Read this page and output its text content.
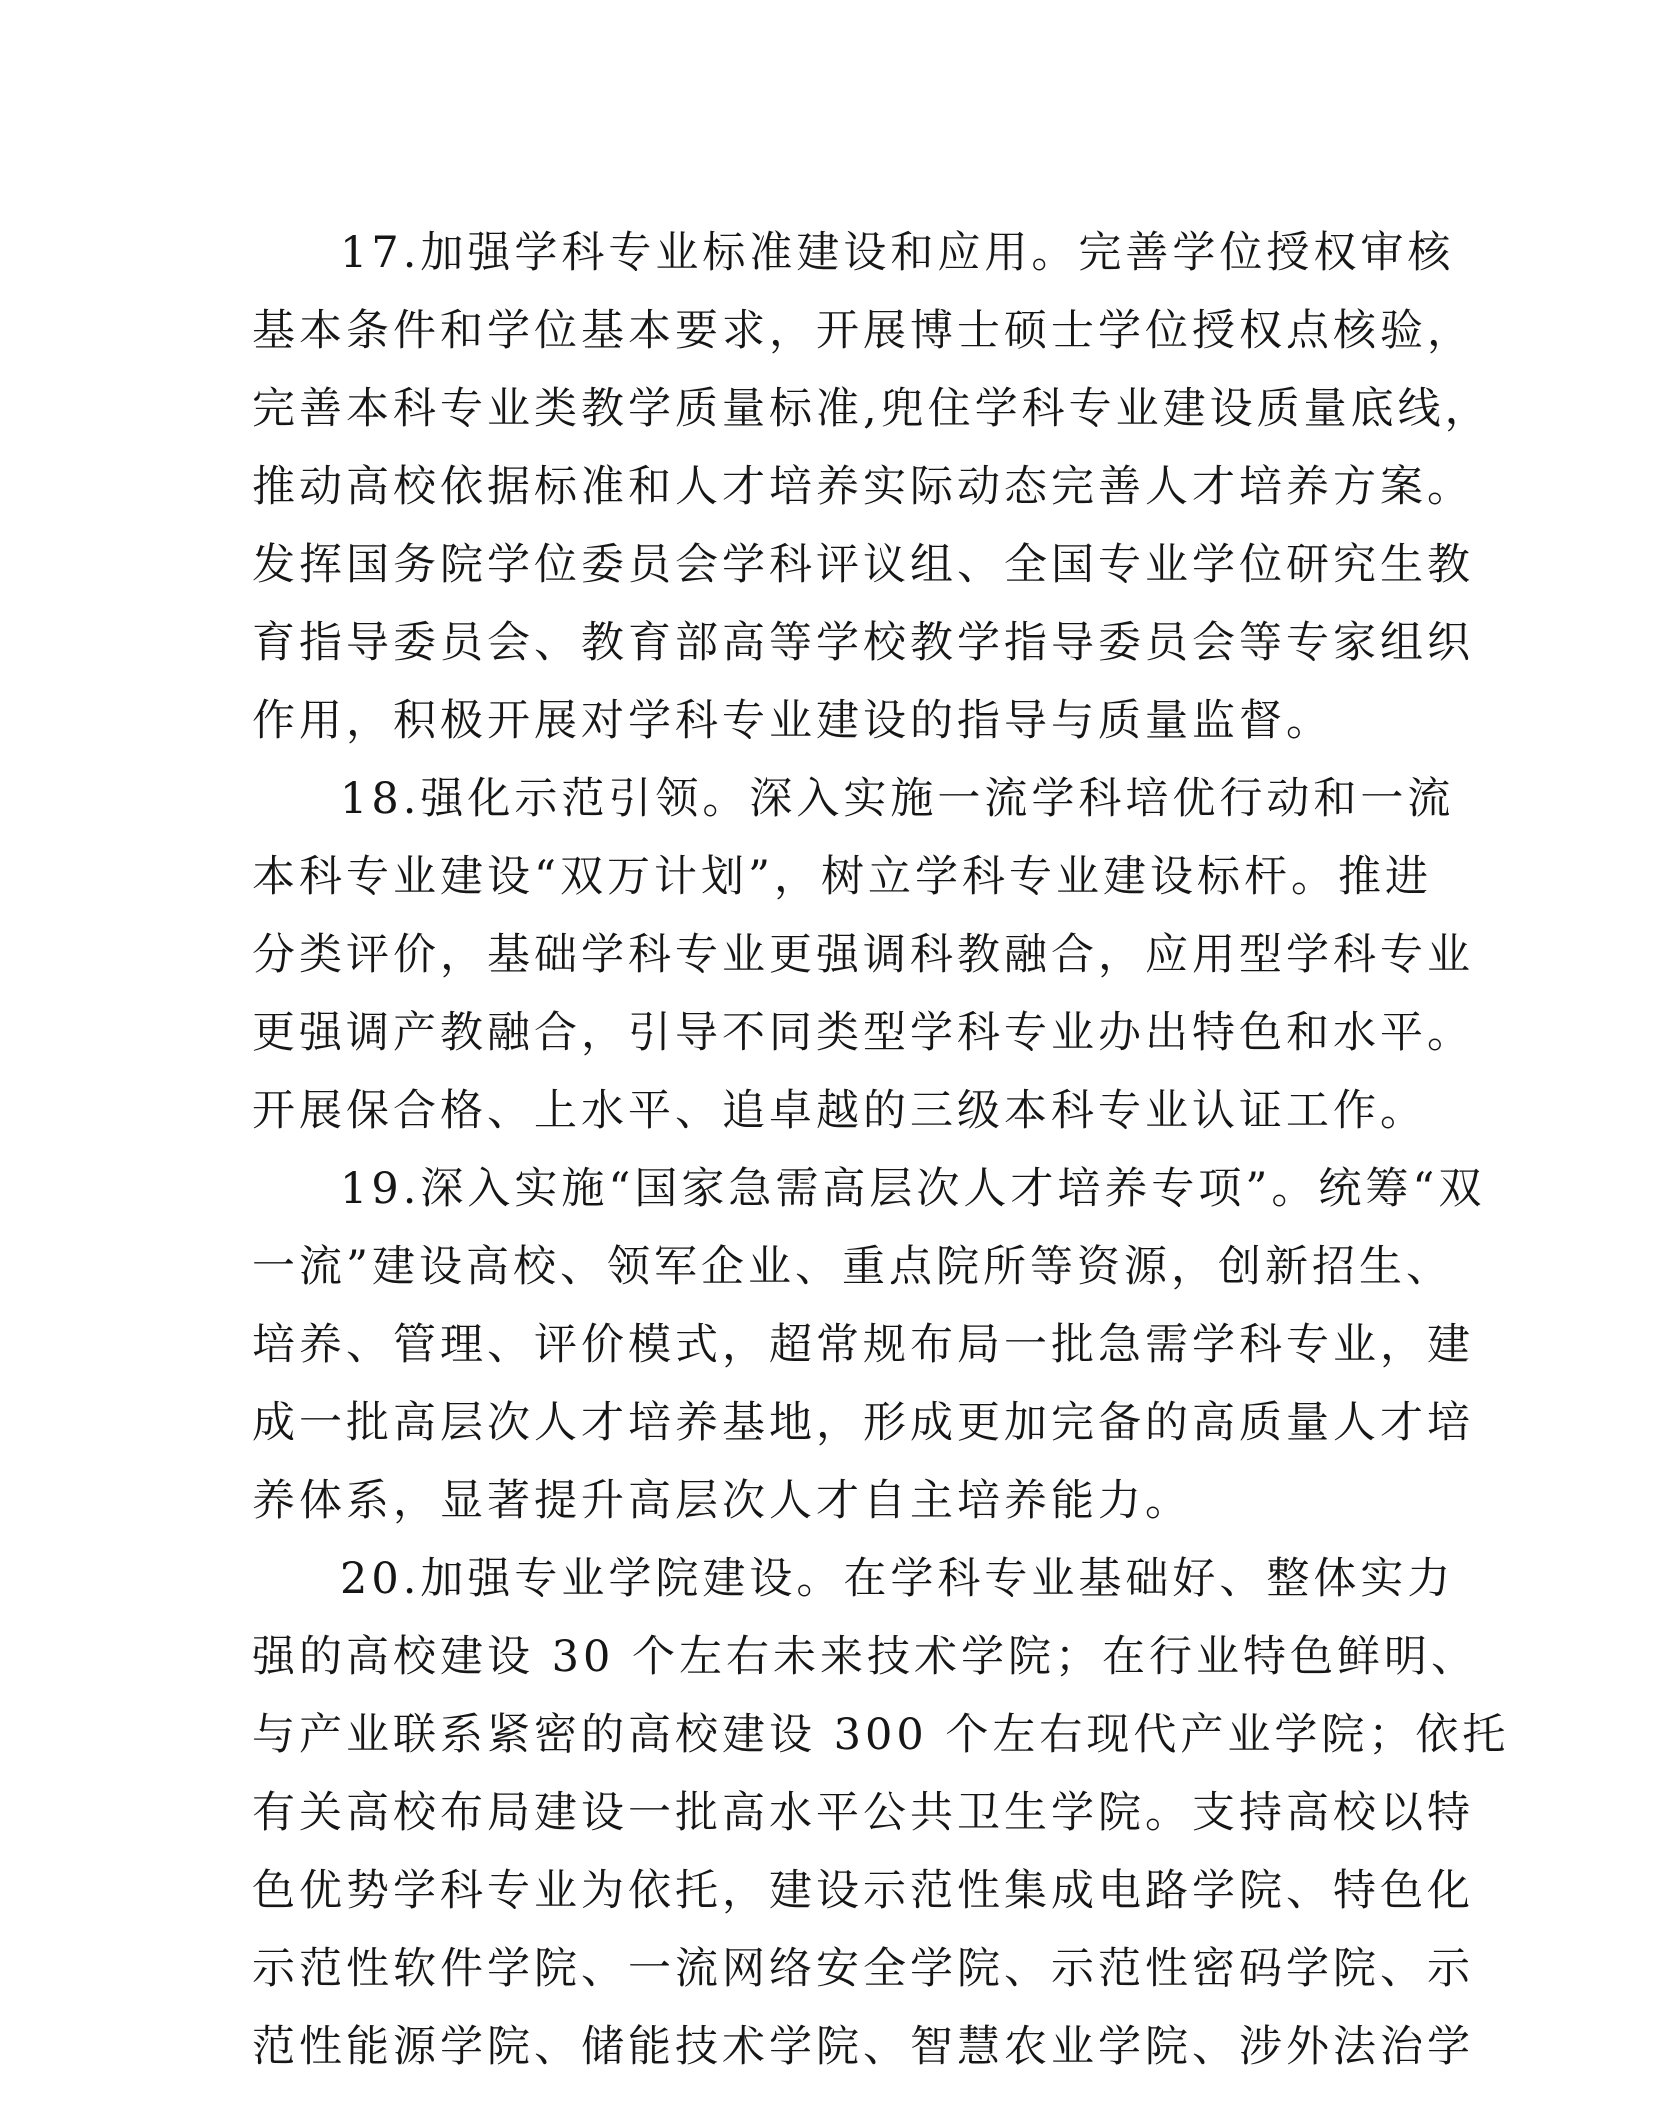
17.加强学科专业标准建设和应用。完善学位授权审核
基本条件和学位基本要求，开展博士硕士学位授权点核验，
完善本科专业类教学质量标准,兜住学科专业建设质量底线，
推动高校依据标准和人才培养实际动态完善人才培养方案。
发挥国务院学位委员会学科评议组、全国专业学位研究生教
育指导委员会、教育部高等学校教学指导委员会等专家组织
作用，积极开展对学科专业建设的指导与质量监督。
18.强化示范引领。深入实施一流学科培优行动和一流
本科专业建设“双万计划”，树立学科专业建设标杆。推进
分类评价，基础学科专业更强调科教融合，应用型学科专业
更强调产教融合，引导不同类型学科专业办出特色和水平。
开展保合格、上水平、追卓越的三级本科专业认证工作。
19.深入实施“国家急需高层次人才培养专项”。统筹“双
一流”建设高校、领军企业、重点院所等资源，创新招生、
培养、管理、评价模式，超常规布局一批急需学科专业，建
成一批高层次人才培养基地，形成更加完备的高质量人才培
养体系，显著提升高层次人才自主培养能力。
20.加强专业学院建设。在学科专业基础好、整体实力
强的高校建设 30 个左右未来技术学院；在行业特色鲜明、
与产业联系紧密的高校建设 300 个左右现代产业学院；依托
有关高校布局建设一批高水平公共卫生学院。支持高校以特
色优势学科专业为依托，建设示范性集成电路学院、特色化
示范性软件学院、一流网络安全学院、示范性密码学院、示
范性能源学院、储能技术学院、智慧农业学院、涉外法治学
